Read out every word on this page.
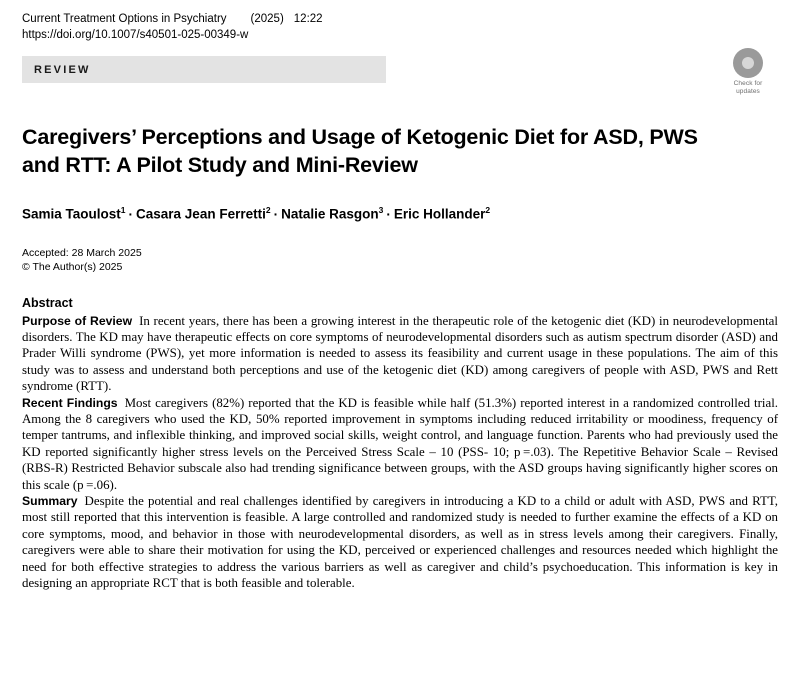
Current Treatment Options in Psychiatry (2025) 12:22
https://doi.org/10.1007/s40501-025-00349-w
REVIEW
Check for
updates
Caregivers’ Perceptions and Usage of Ketogenic Diet for ASD, PWS and RTT: A Pilot Study and Mini-Review
Samia Taoulost$^1$ · Casara Jean Ferretti$^2$ · Natalie Rasgon$^3$ · Eric Hollander$^2$
Accepted: 28 March 2025
© The Author(s) 2025
Abstract

Purpose of Review In recent years, there has been a growing interest in the therapeutic role of the ketogenic diet (KD) in neurodevelopmental disorders. The KD may have therapeutic effects on core symptoms of neurodevelopmental disorders such as autism spectrum disorder (ASD) and Prader Willi syndrome (PWS), yet more information is needed to assess its feasibility and current usage in these populations. The aim of this study was to assess and understand both perceptions and use of the ketogenic diet (KD) among caregivers of people with ASD, PWS and Rett syndrome (RTT).

Recent Findings Most caregivers (82%) reported that the KD is feasible while half (51.3%) reported interest in a randomized controlled trial. Among the 8 caregivers who used the KD, 50% reported improvement in symptoms including reduced irritability or moodiness, frequency of temper tantrums, and inflexible thinking, and improved social skills, weight control, and language function. Parents who had previously used the KD reported significantly higher stress levels on the Perceived Stress Scale – 10 (PSS- 10; p =.03). The Repetitive Behavior Scale – Revised (RBS-R) Restricted Behavior subscale also had trending significance between groups, with the ASD groups having significantly higher scores on this scale (p =.06).

Summary Despite the potential and real challenges identified by caregivers in introducing a KD to a child or adult with ASD, PWS and RTT, most still reported that this intervention is feasible. A large controlled and randomized study is needed to further examine the effects of a KD on core symptoms, mood, and behavior in those with neurodevelopmental disorders, as well as in stress levels among their caregivers. Finally, caregivers were able to share their motivation for using the KD, perceived or experienced challenges and resources needed which highlight the need for both effective strategies to address the various barriers as well as caregiver and child’s psychoeducation. This information is key in designing an appropriate RCT that is both feasible and tolerable.
